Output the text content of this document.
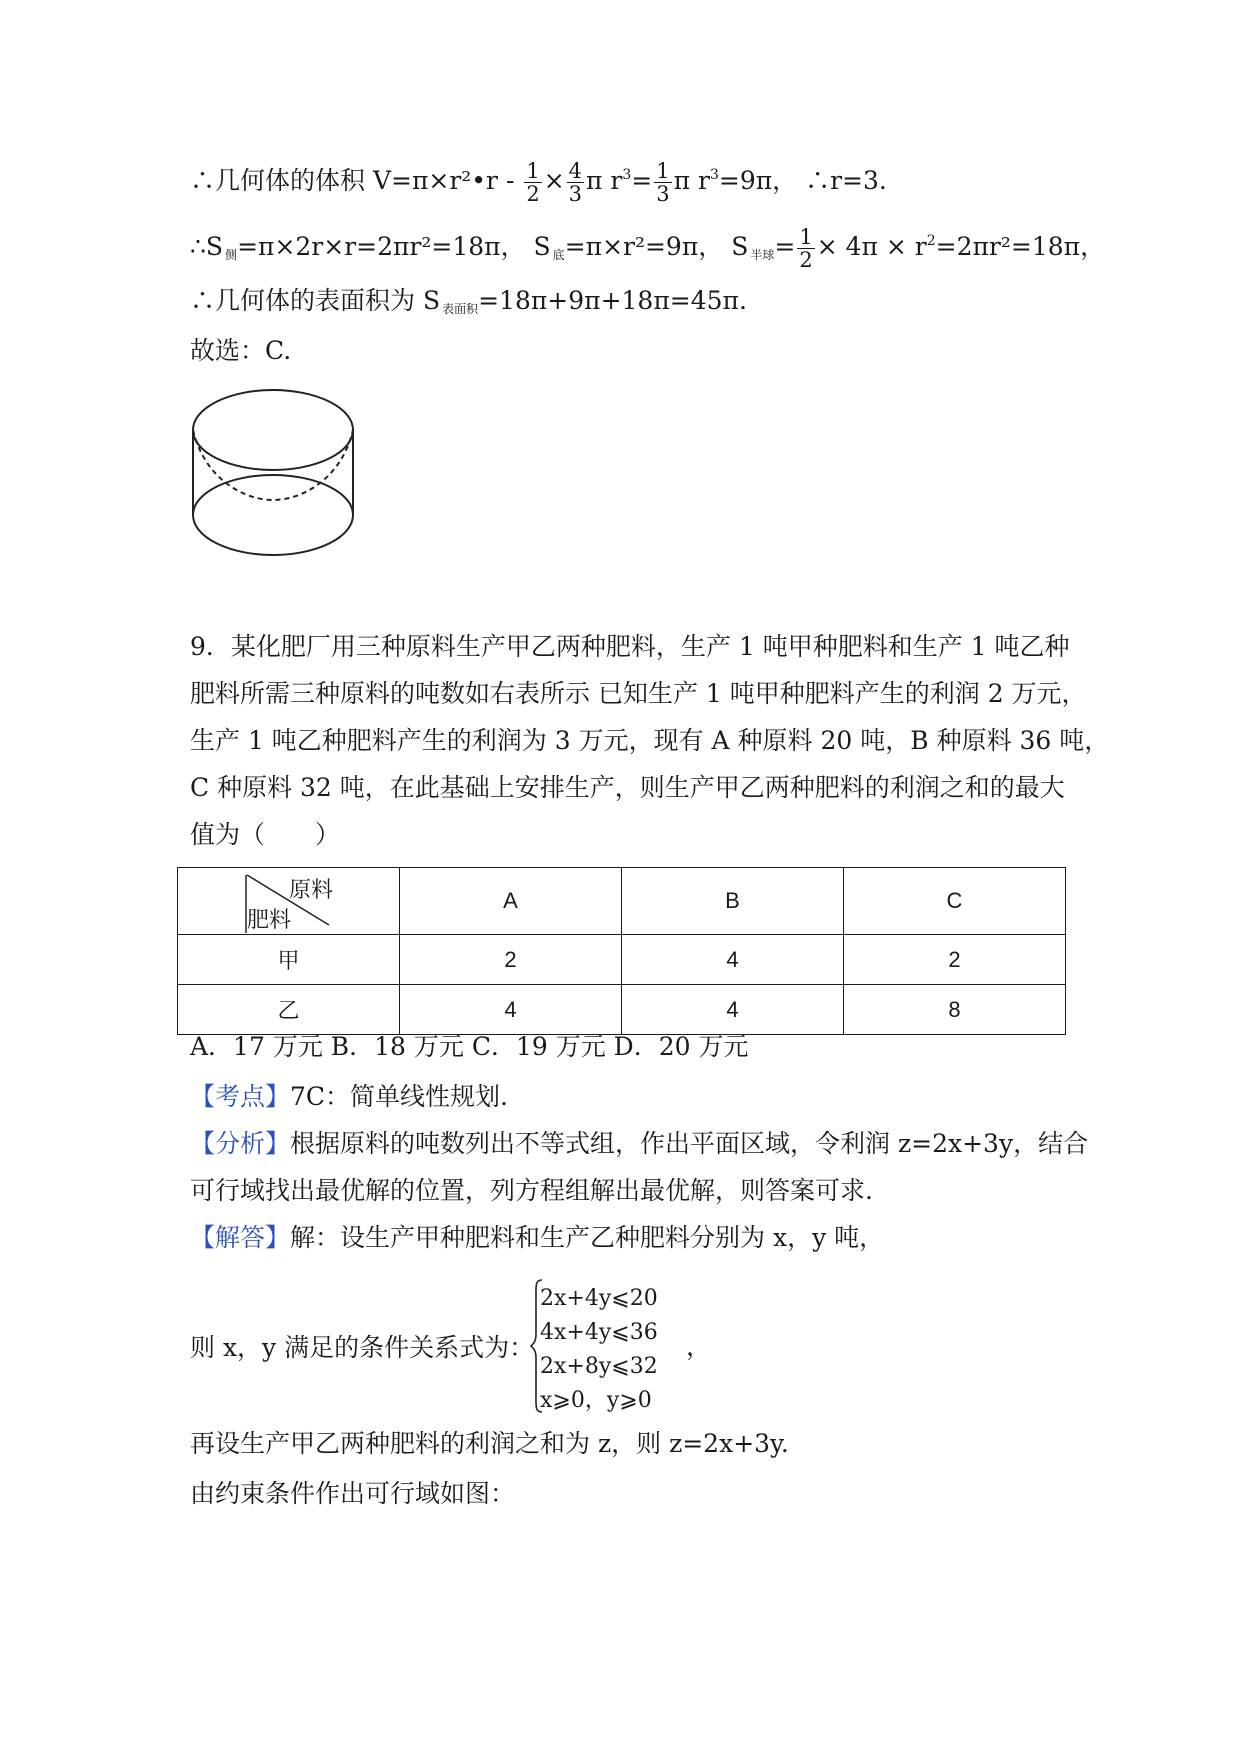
∴几何体的体积 V=π×r²•r - $\frac{1}{2} \times \frac{4}{3}$ π $r^3= \frac{1}{3}$ π $r^3=9\pi$， ∴r=3.
∴S $_侧$=π×2r×r=2πr²=18π， S $_底$=π×r²=9π， S $_{半球}= \frac{1}{2} \times 4\pi \times r^2=2\pi r^2=18\pi$，
∴几何体的表面积为 S $_{表面积}$=18π+9π+18π=45π.
故选：C.
9．某化肥厂用三种原料生产甲乙两种肥料，生产 1 吨甲种肥料和生产 1 吨乙种
肥料所需三种原料的吨数如右表所示 已知生产 1 吨甲种肥料产生的利润 2 万元，
生产 1 吨乙种肥料产生的利润为 3 万元，现有 A 种原料 20 吨，B 种原料 36 吨，
C 种原料 32 吨，在此基础上安排生产，则生产甲乙两种肥料的利润之和的最大
值为（　　）
原料
肥料	A	B	C
甲	2	4	2
乙	4	4	8
A．17 万元 B．18 万元 C．19 万元 D．20 万元
【考点】7C：简单线性规划.
【分析】根据原料的吨数列出不等式组，作出平面区域，令利润 z=2x+3y，结合
可行域找出最优解的位置，列方程组解出最优解，则答案可求.
【解答】解：设生产甲种肥料和生产乙种肥料分别为 x，y 吨，
则 x，y 满足的条件关系式为：
2x+4y⩽20
4x+4y⩽36
2x+8y⩽32
x⩾0，y⩾0
，
再设生产甲乙两种肥料的利润之和为 z，则 z=2x+3y.
由约束条件作出可行域如图：
